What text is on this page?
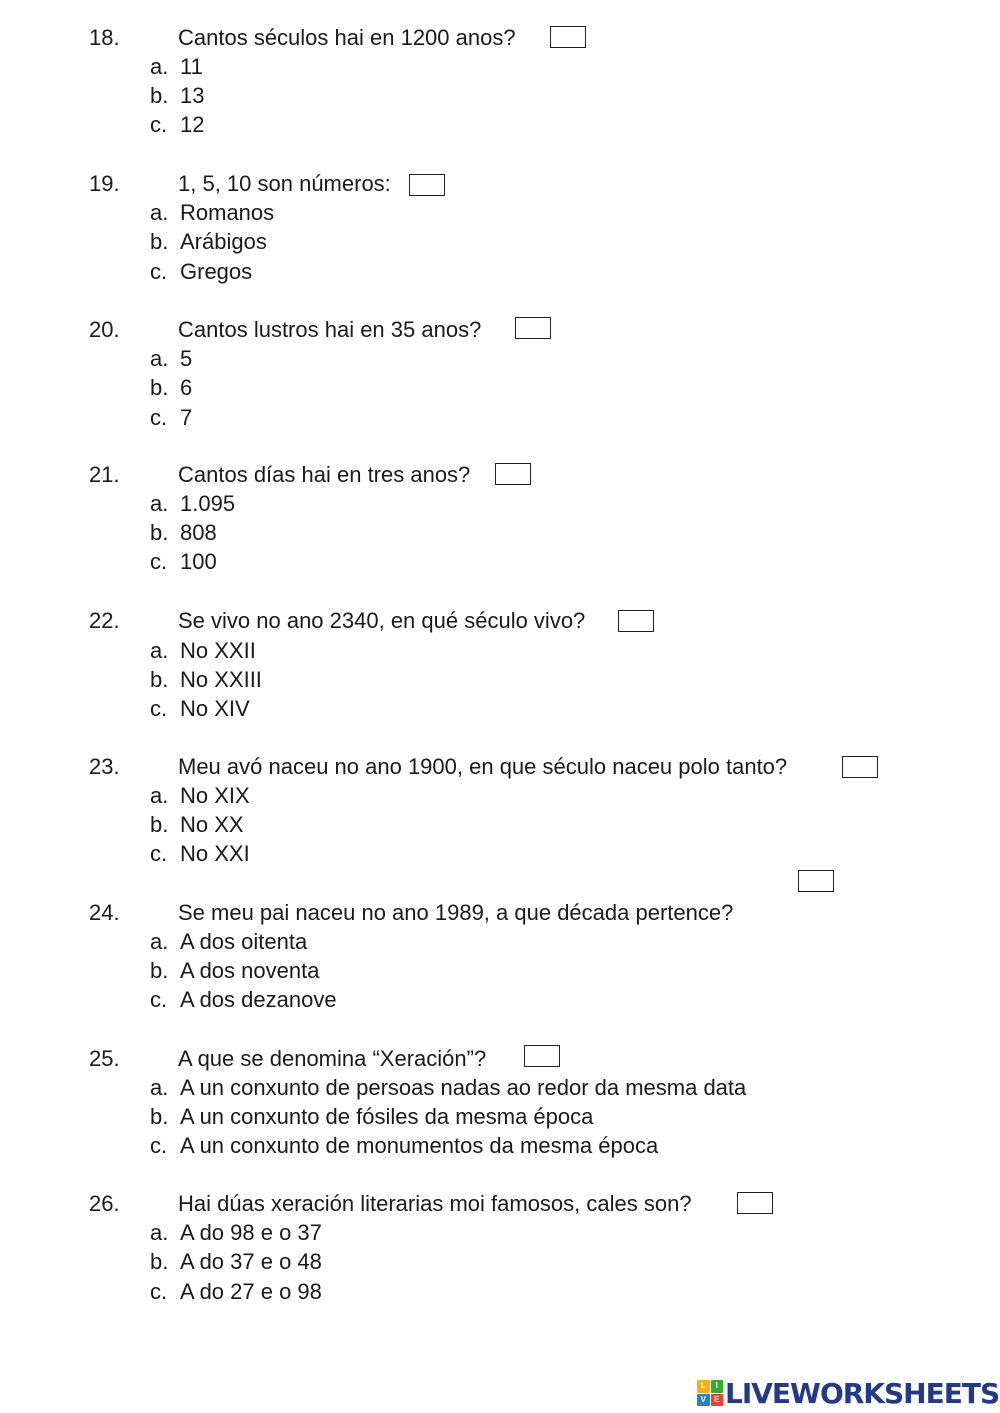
18.	Cantos séculos hai en 1200 anos?
a. 11
b. 13
c. 12
19.	1, 5, 10 son números:
a. Romanos
b. Arábigos
c. Gregos
20.	Cantos lustros hai en 35 anos?
a. 5
b. 6
c. 7
21.	Cantos días hai en tres anos?
a. 1.095
b. 808
c. 100
22.	Se vivo no ano 2340, en qué século vivo?
a. No XXII
b. No XXIII
c. No XIV
23.	Meu avó naceu no ano 1900, en que século naceu polo tanto?
a. No XIX
b. No XX
c. No XXI
24.	Se meu pai naceu no ano 1989, a que década pertence?
a. A dos oitenta
b. A dos noventa
c. A dos dezanove
25.	A que se denomina “Xeración”?
a. A un conxunto de persoas nadas ao redor da mesma data
b. A un conxunto de fósiles da mesma época
c. A un conxunto de monumentos da mesma época
26.	Hai dúas xeración literarias moi famosos, cales son?
a. A do 98 e o 37
b. A do 37 e o 48
c. A do 27 e o 98
L	I
V	E LIVEWORKSHEETS
